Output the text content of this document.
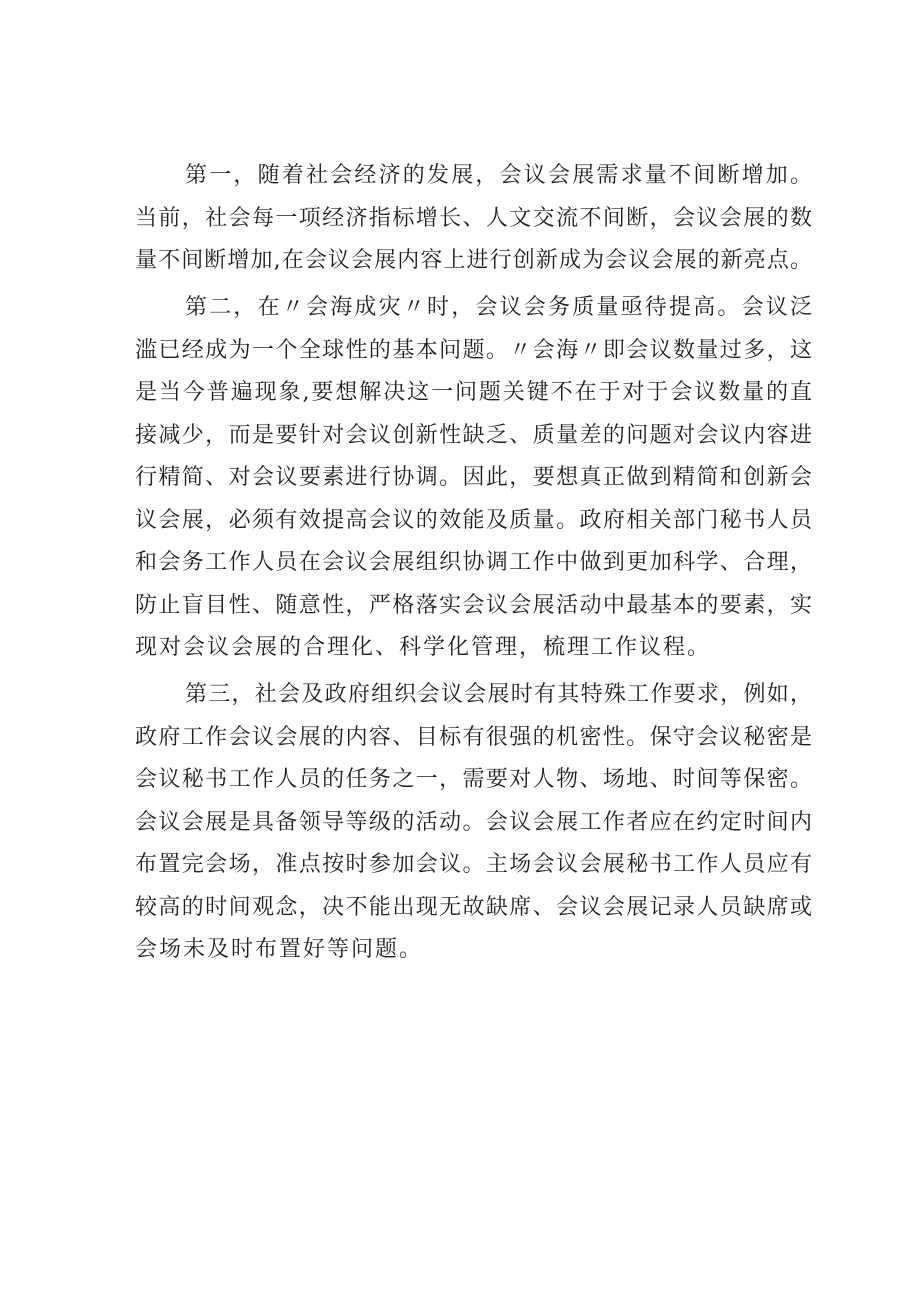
第一，随着社会经济的发展，会议会展需求量不间断增加。
当前，社会每一项经济指标增长、人文交流不间断，会议会展的数
量不间断增加,在会议会展内容上进行创新成为会议会展的新亮点。
第二，在〃会海成灾〃时，会议会务质量亟待提高。会议泛
滥已经成为一个全球性的基本问题。〃会海〃即会议数量过多，这
是当今普遍现象,要想解决这一问题关键不在于对于会议数量的直
接减少，而是要针对会议创新性缺乏、质量差的问题对会议内容进
行精简、对会议要素进行协调。因此，要想真正做到精简和创新会
议会展，必须有效提高会议的效能及质量。政府相关部门秘书人员
和会务工作人员在会议会展组织协调工作中做到更加科学、合理，
防止盲目性、随意性，严格落实会议会展活动中最基本的要素，实
现对会议会展的合理化、科学化管理，梳理工作议程。
第三，社会及政府组织会议会展时有其特殊工作要求，例如，
政府工作会议会展的内容、目标有很强的机密性。保守会议秘密是
会议秘书工作人员的任务之一，需要对人物、场地、时间等保密。
会议会展是具备领导等级的活动。会议会展工作者应在约定时间内
布置完会场，准点按时参加会议。主场会议会展秘书工作人员应有
较高的时间观念，决不能出现无故缺席、会议会展记录人员缺席或
会场未及时布置好等问题。
